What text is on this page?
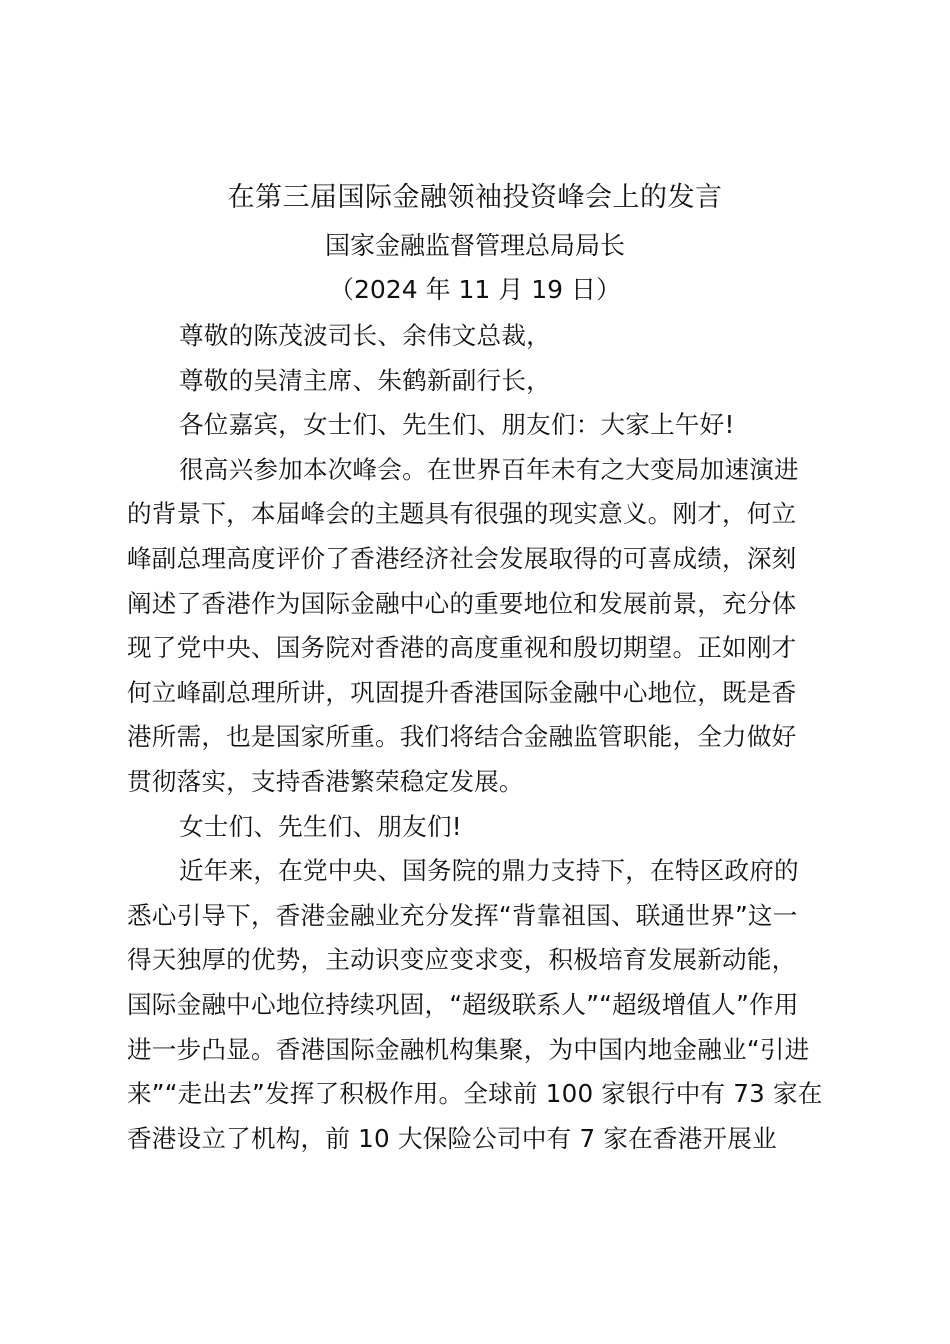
在第三届国际金融领袖投资峰会上的发言
国家金融监督管理总局局长
（2024 年 11 月 19 日）
尊敬的陈茂波司长、余伟文总裁，
尊敬的吴清主席、朱鹤新副行长，
各位嘉宾，女士们、先生们、朋友们：大家上午好!
很高兴参加本次峰会。在世界百年未有之大变局加速演进
的背景下，本届峰会的主题具有很强的现实意义。刚才，何立
峰副总理高度评价了香港经济社会发展取得的可喜成绩，深刻
阐述了香港作为国际金融中心的重要地位和发展前景，充分体
现了党中央、国务院对香港的高度重视和殷切期望。正如刚才
何立峰副总理所讲，巩固提升香港国际金融中心地位，既是香
港所需，也是国家所重。我们将结合金融监管职能，全力做好
贯彻落实，支持香港繁荣稳定发展。
女士们、先生们、朋友们!
近年来，在党中央、国务院的鼎力支持下，在特区政府的
悉心引导下，香港金融业充分发挥“背靠祖国、联通世界”这一
得天独厚的优势，主动识变应变求变，积极培育发展新动能，
国际金融中心地位持续巩固，“超级联系人”“超级增值人”作用
进一步凸显。香港国际金融机构集聚，为中国内地金融业“引进
来”“走出去”发挥了积极作用。全球前 100 家银行中有 73 家在
香港设立了机构，前 10 大保险公司中有 7 家在香港开展业
